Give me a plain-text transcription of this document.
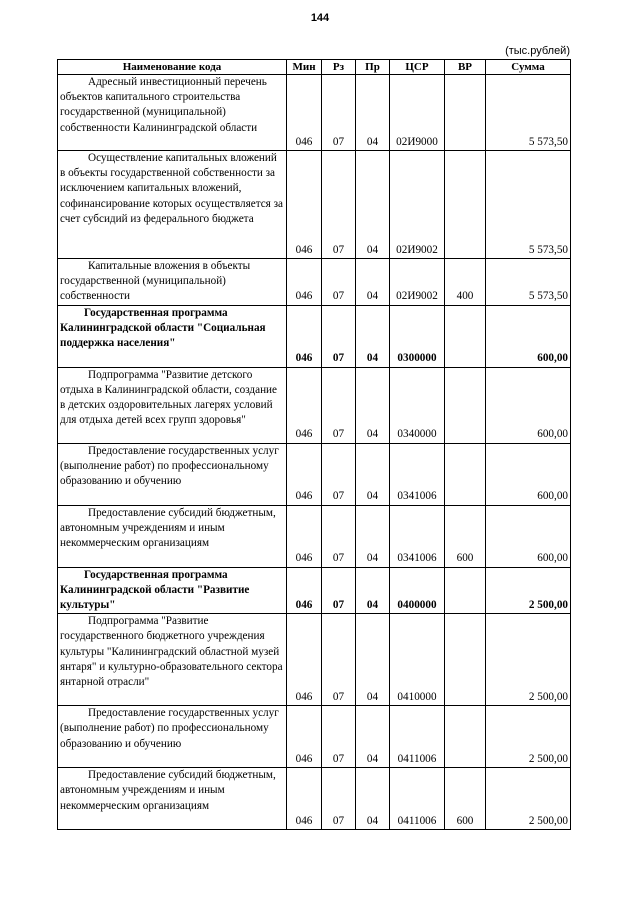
144
(тыс.рублей)
Наименование кода	Мин	Рз	Пр	ЦСР	ВР	Сумма
Адресный инвестиционный перечень объектов капитального строительства государственной (муниципальной) собственности Калининградской области	046	07	04	02И9000		5 573,50
Осуществление капитальных вложений в объекты государственной собственности за исключением капитальных вложений, софинансирование которых осуществляется за счет субсидий из федерального бюджета	046	07	04	02И9002		5 573,50
Капитальные вложения в объекты государственной (муниципальной) собственности	046	07	04	02И9002	400	5 573,50
Государственная программа Калининградской области "Социальная поддержка населения"	046	07	04	0300000		600,00
Подпрограмма "Развитие детского отдыха в Калининградской области, создание в детских оздоровительных лагерях условий для отдыха детей всех групп здоровья"	046	07	04	0340000		600,00
Предоставление государственных услуг (выполнение работ) по профессиональному образованию и обучению	046	07	04	0341006		600,00
Предоставление субсидий бюджетным, автономным учреждениям и иным некоммерческим организациям	046	07	04	0341006	600	600,00
Государственная программа Калининградской области "Развитие культуры"	046	07	04	0400000		2 500,00
Подпрограмма "Развитие государственного бюджетного учреждения культуры "Калининградский областной музей янтаря" и культурно-образовательного сектора янтарной отрасли"	046	07	04	0410000		2 500,00
Предоставление государственных услуг (выполнение работ) по профессиональному образованию и обучению	046	07	04	0411006		2 500,00
Предоставление субсидий бюджетным, автономным учреждениям и иным некоммерческим организациям	046	07	04	0411006	600	2 500,00
